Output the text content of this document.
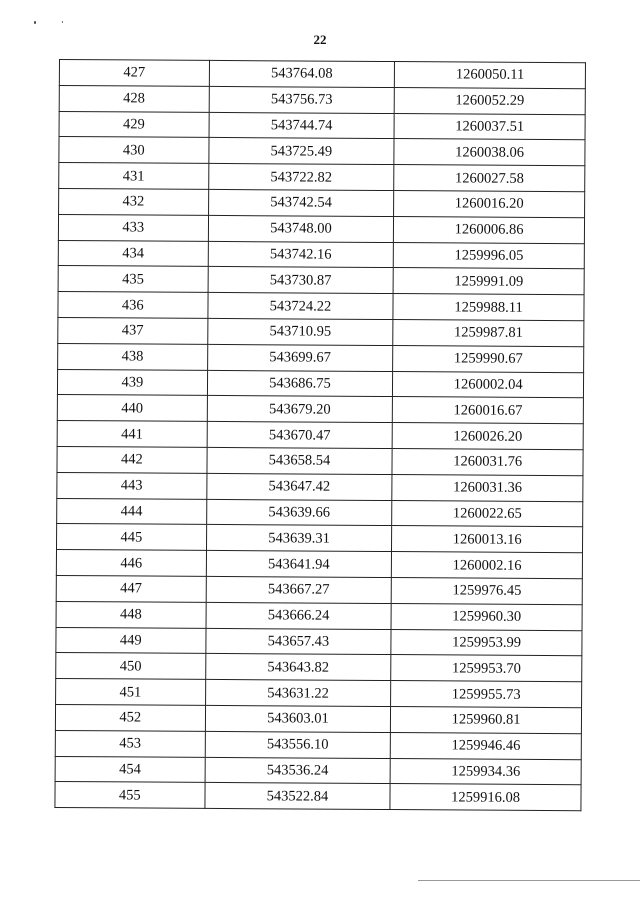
22
427	543764.08	1260050.11
428	543756.73	1260052.29
429	543744.74	1260037.51
430	543725.49	1260038.06
431	543722.82	1260027.58
432	543742.54	1260016.20
433	543748.00	1260006.86
434	543742.16	1259996.05
435	543730.87	1259991.09
436	543724.22	1259988.11
437	543710.95	1259987.81
438	543699.67	1259990.67
439	543686.75	1260002.04
440	543679.20	1260016.67
441	543670.47	1260026.20
442	543658.54	1260031.76
443	543647.42	1260031.36
444	543639.66	1260022.65
445	543639.31	1260013.16
446	543641.94	1260002.16
447	543667.27	1259976.45
448	543666.24	1259960.30
449	543657.43	1259953.99
450	543643.82	1259953.70
451	543631.22	1259955.73
452	543603.01	1259960.81
453	543556.10	1259946.46
454	543536.24	1259934.36
455	543522.84	1259916.08
